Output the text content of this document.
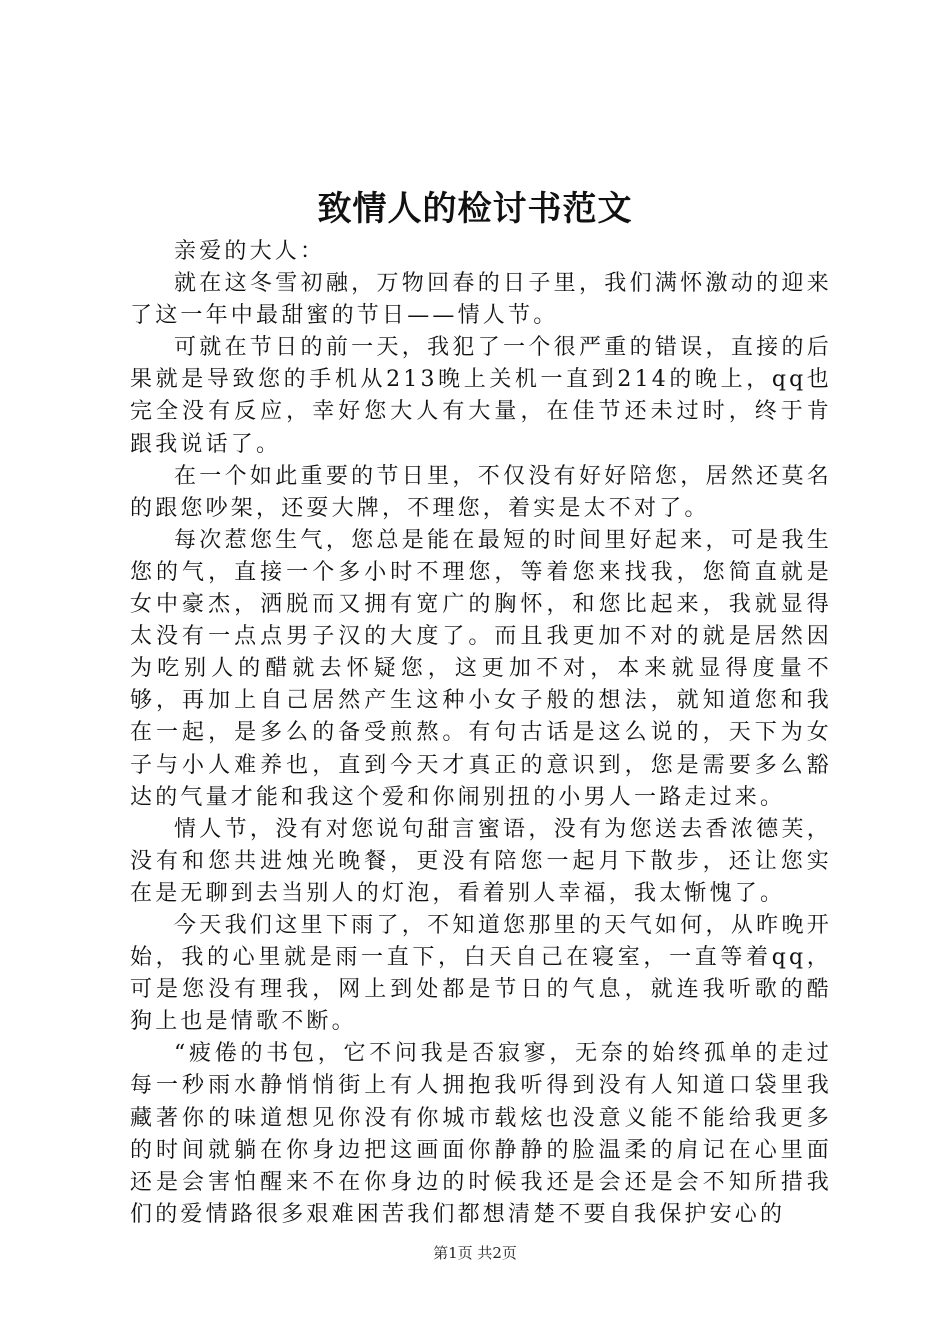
致情人的检讨书范文

亲爱的大人：

就在这冬雪初融，万物回春的日子里，我们满怀激动的迎来了这一年中最甜蜜的节日——情人节。

可就在节日的前一天，我犯了一个很严重的错误，直接的后果就是导致您的手机从213晚上关机一直到214的晚上，qq也完全没有反应，幸好您大人有大量，在佳节还未过时，终于肯跟我说话了。

在一个如此重要的节日里，不仅没有好好陪您，居然还莫名的跟您吵架，还耍大牌，不理您，着实是太不对了。

每次惹您生气，您总是能在最短的时间里好起来，可是我生您的气，直接一个多小时不理您，等着您来找我，您简直就是女中豪杰，洒脱而又拥有宽广的胸怀，和您比起来，我就显得太没有一点点男子汉的大度了。而且我更加不对的就是居然因为吃别人的醋就去怀疑您，这更加不对，本来就显得度量不够，再加上自己居然产生这种小女子般的想法，就知道您和我在一起，是多么的备受煎熬。有句古话是这么说的，天下为女子与小人难养也，直到今天才真正的意识到，您是需要多么豁达的气量才能和我这个爱和你闹别扭的小男人一路走过来。

情人节，没有对您说句甜言蜜语，没有为您送去香浓德芙，没有和您共进烛光晚餐，更没有陪您一起月下散步，还让您实在是无聊到去当别人的灯泡，看着别人幸福，我太惭愧了。

今天我们这里下雨了，不知道您那里的天气如何，从昨晚开始，我的心里就是雨一直下，白天自己在寝室，一直等着qq，可是您没有理我，网上到处都是节日的气息，就连我听歌的酷狗上也是情歌不断。

“疲倦的书包，它不问我是否寂寥，无奈的始终孤单的走过每一秒雨水静悄悄街上有人拥抱我听得到没有人知道口袋里我藏著你的味道想见你没有你城市载炫也没意义能不能给我更多的时间就躺在你身边把这画面你静静的脸温柔的肩记在心里面还是会害怕醒来不在你身边的时候我还是会还是会不知所措我们的爱情路很多艰难困苦我们都想清楚不要自我保护安心的

第1页 共2页
